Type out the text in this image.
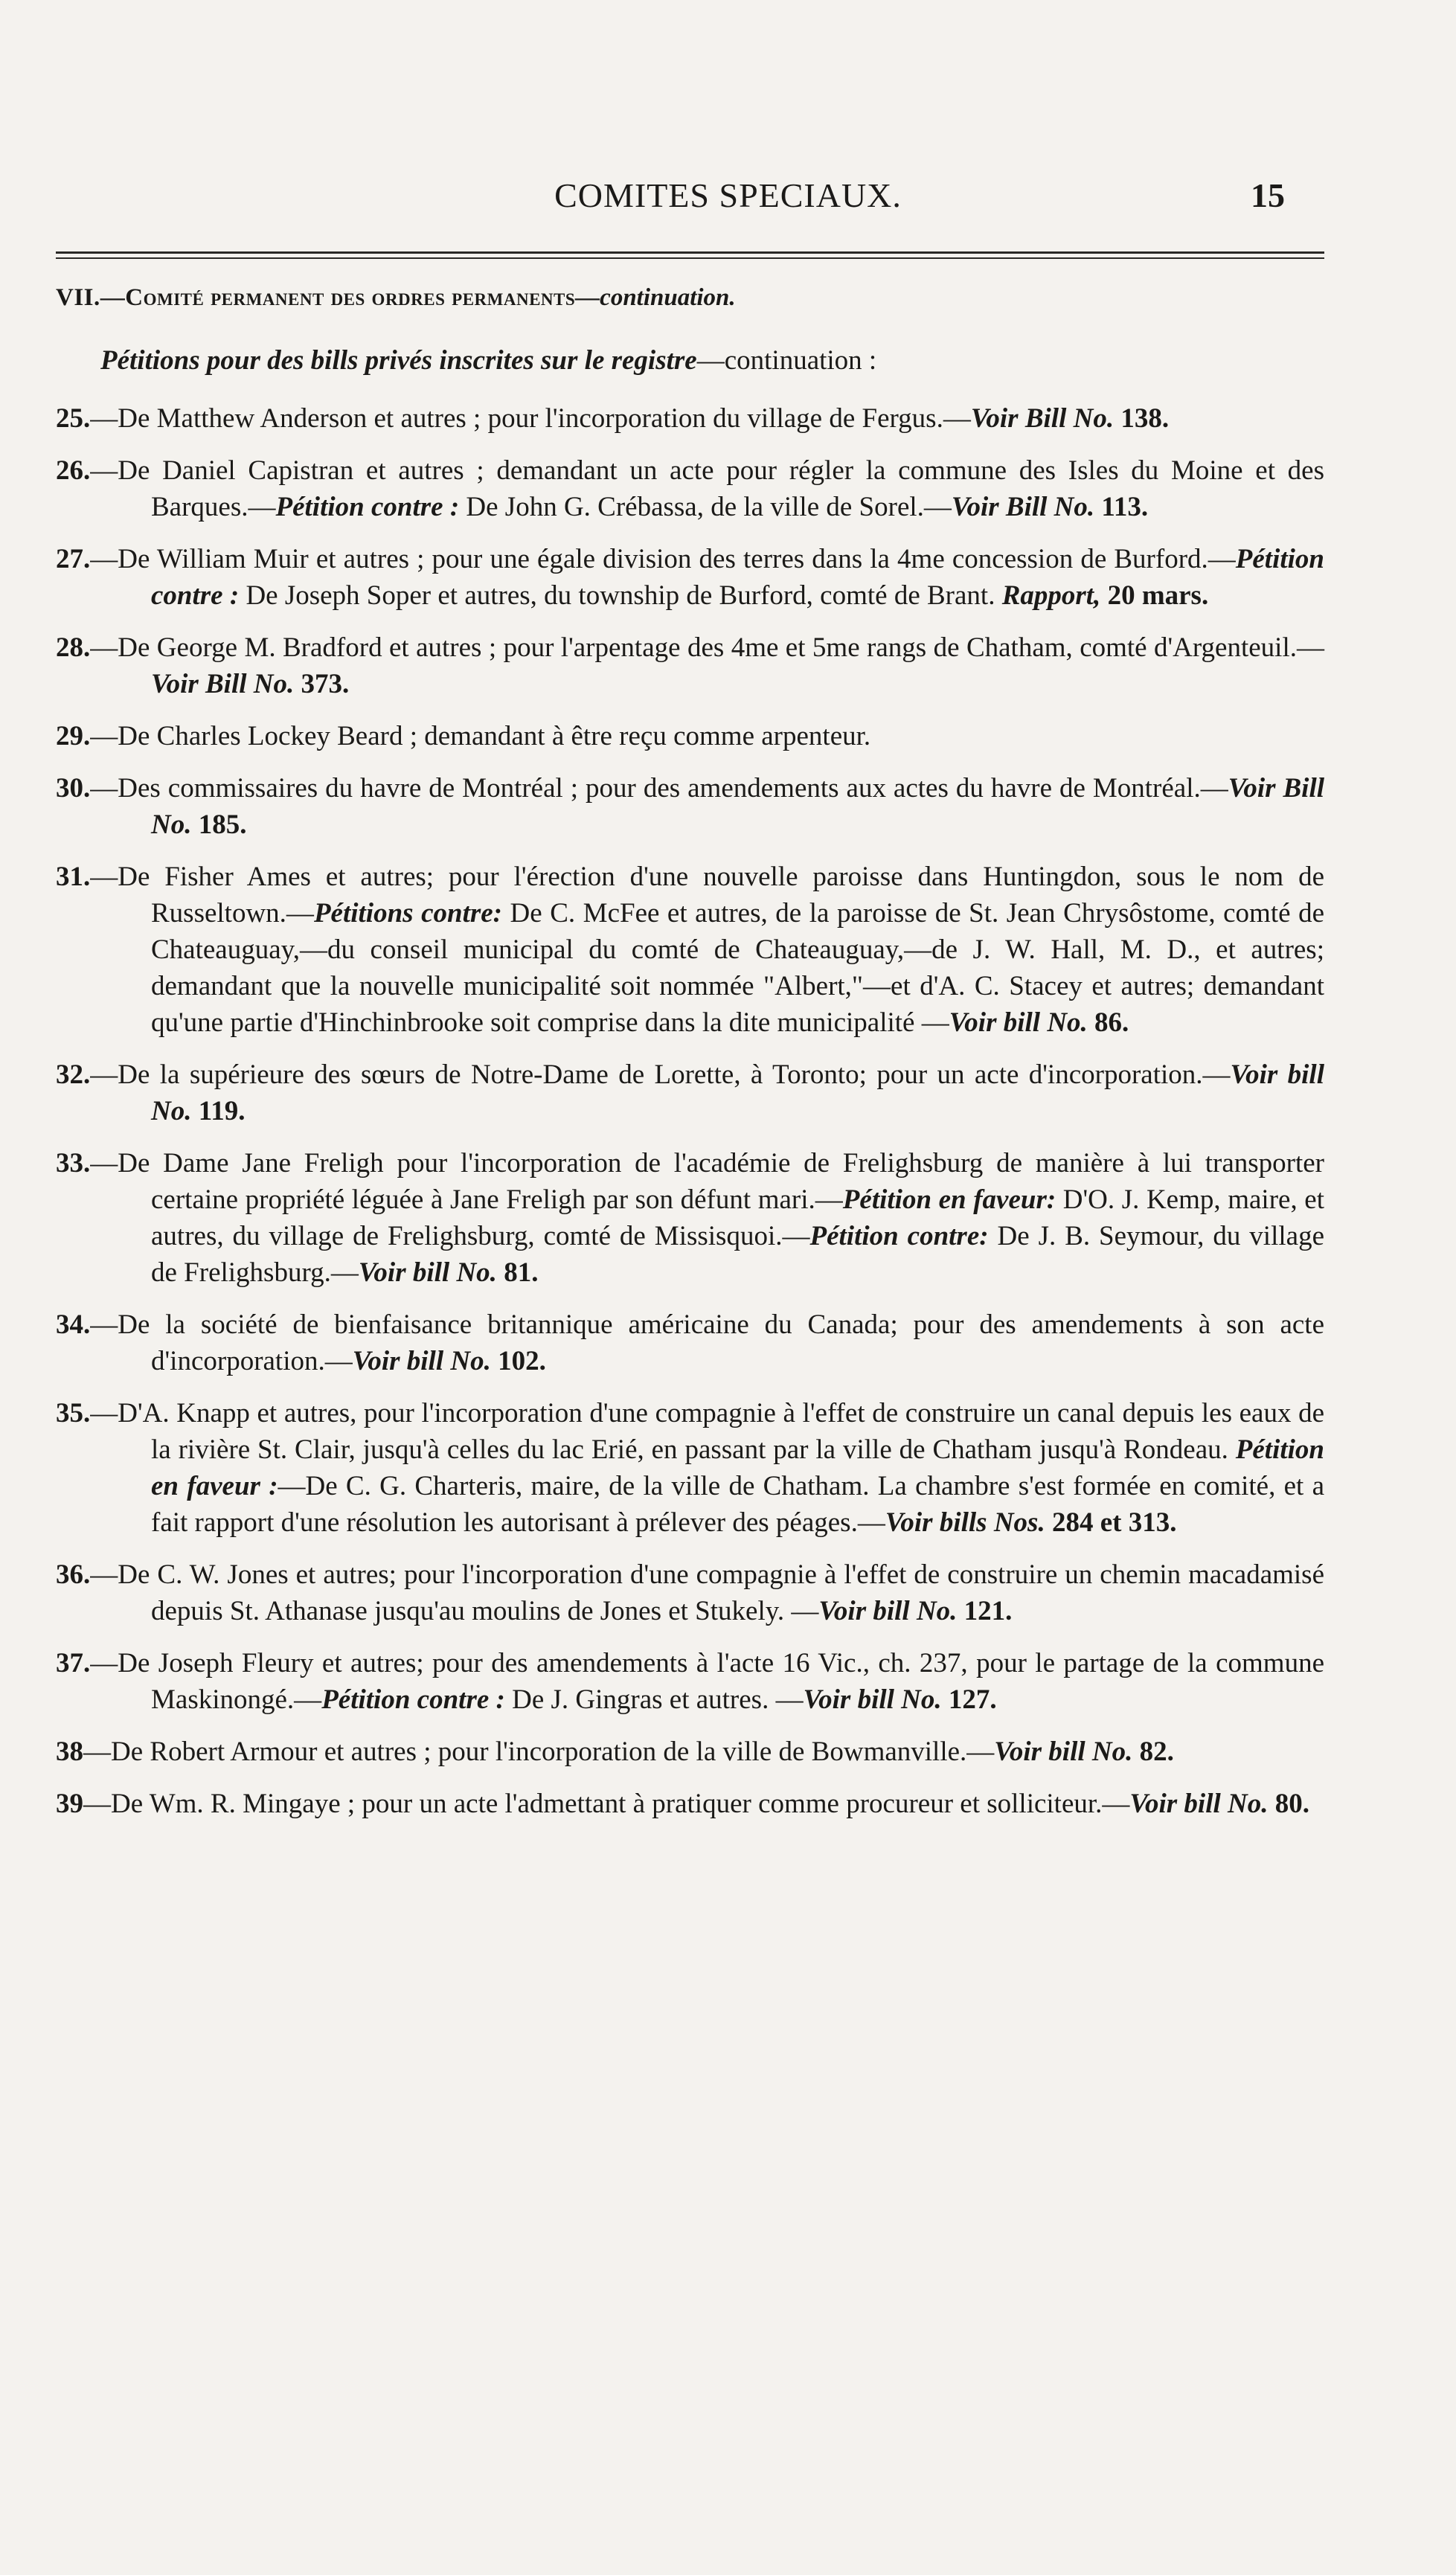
COMITES SPECIAUX.	15
VII.—Comité permanent des ordres permanents—continuation.
Pétitions pour des bills privés inscrites sur le registre—continuation :
25.—De Matthew Anderson et autres ; pour l'incorporation du village de Fergus.—Voir Bill No. 138.
26.—De Daniel Capistran et autres ; demandant un acte pour régler la commune des Isles du Moine et des Barques.—Pétition contre : De John G. Crébassa, de la ville de Sorel.—Voir Bill No. 113.
27.—De William Muir et autres ; pour une égale division des terres dans la 4me concession de Burford.—Pétition contre : De Joseph Soper et autres, du township de Burford, comté de Brant. Rapport, 20 mars.
28.—De George M. Bradford et autres ; pour l'arpentage des 4me et 5me rangs de Chatham, comté d'Argenteuil.—Voir Bill No. 373.
29.—De Charles Lockey Beard ; demandant à être reçu comme arpenteur.
30.—Des commissaires du havre de Montréal ; pour des amendements aux actes du havre de Montréal.—Voir Bill No. 185.
31.—De Fisher Ames et autres; pour l'érection d'une nouvelle paroisse dans Huntingdon, sous le nom de Russeltown.—Pétitions contre: De C. McFee et autres, de la paroisse de St. Jean Chrysôstome, comté de Chateauguay,—du conseil municipal du comté de Chateauguay,—de J. W. Hall, M. D., et autres; demandant que la nouvelle municipalité soit nommée "Albert,"—et d'A. C. Stacey et autres; demandant qu'une partie d'Hinchinbrooke soit comprise dans la dite municipalité —Voir bill No. 86.
32.—De la supérieure des sœurs de Notre-Dame de Lorette, à Toronto; pour un acte d'incorporation.—Voir bill No. 119.
33.—De Dame Jane Freligh pour l'incorporation de l'académie de Frelighsburg de manière à lui transporter certaine propriété léguée à Jane Freligh par son défunt mari.—Pétition en faveur: D'O. J. Kemp, maire, et autres, du village de Frelighsburg, comté de Missisquoi.—Pétition contre: De J. B. Seymour, du village de Frelighsburg.—Voir bill No. 81.
34.—De la société de bienfaisance britannique américaine du Canada; pour des amendements à son acte d'incorporation.—Voir bill No. 102.
35.—D'A. Knapp et autres, pour l'incorporation d'une compagnie à l'effet de construire un canal depuis les eaux de la rivière St. Clair, jusqu'à celles du lac Erié, en passant par la ville de Chatham jusqu'à Rondeau. Pétition en faveur :—De C. G. Charteris, maire, de la ville de Chatham. La chambre s'est formée en comité, et a fait rapport d'une résolution les autorisant à prélever des péages.—Voir bills Nos. 284 et 313.
36.—De C. W. Jones et autres; pour l'incorporation d'une compagnie à l'effet de construire un chemin macadamisé depuis St. Athanase jusqu'au moulins de Jones et Stukely. —Voir bill No. 121.
37.—De Joseph Fleury et autres; pour des amendements à l'acte 16 Vic., ch. 237, pour le partage de la commune Maskinongé.—Pétition contre : De J. Gingras et autres. —Voir bill No. 127.
38—De Robert Armour et autres ; pour l'incorporation de la ville de Bowmanville.—Voir bill No. 82.
39—De Wm. R. Mingaye ; pour un acte l'admettant à pratiquer comme procureur et solliciteur.—Voir bill No. 80.
